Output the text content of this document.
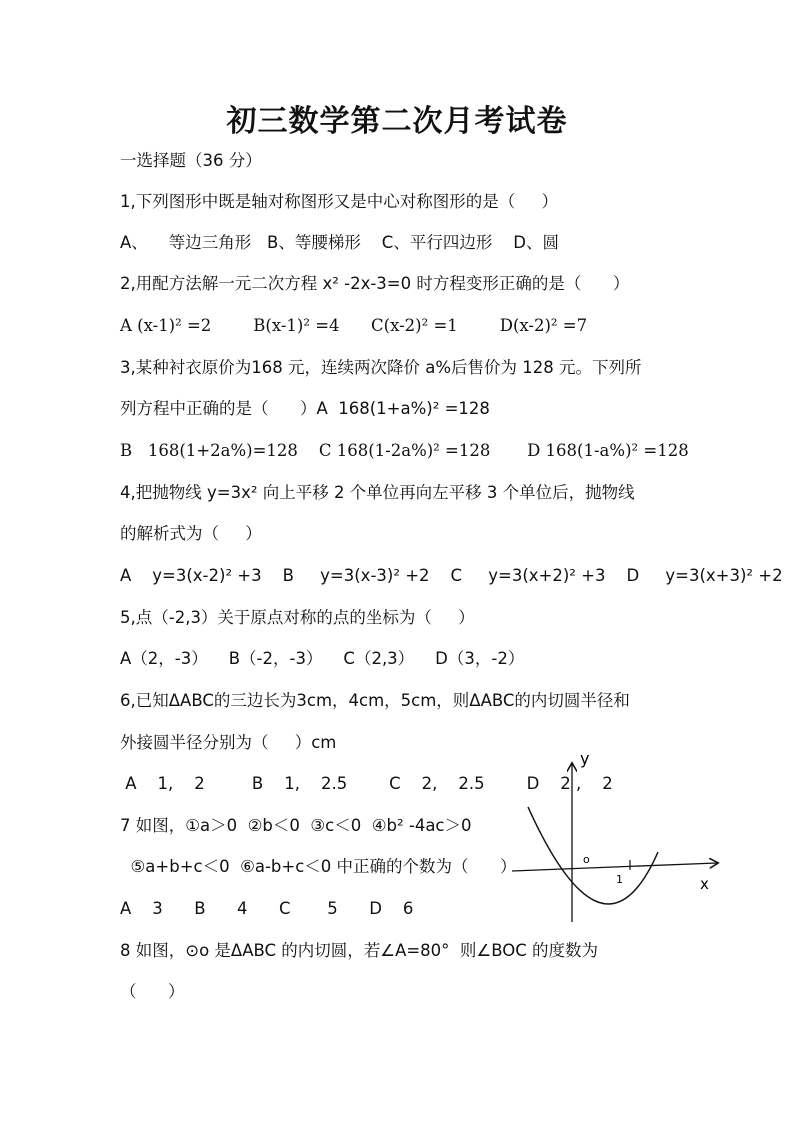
初三数学第二次月考试卷
一选择题（36 分）
1,下列图形中既是轴对称图形又是中心对称图形的是（     ）
A、    等边三角形   B、等腰梯形    C、平行四边形    D、圆
2,用配方法解一元二次方程 x² -2x-3=0 时方程变形正确的是（      ）
A (x-1)² =2        B(x-1)² =4      C(x-2)² =1        D(x-2)² =7
3,某种衬衣原价为168 元，连续两次降价 a%后售价为 128 元。下列所
列方程中正确的是（      ）A  168(1+a%)² =128
B   168(1+2a%)=128    C 168(1-2a%)² =128       D 168(1-a%)² =128
4,把抛物线 y=3x² 向上平移 2 个单位再向左平移 3 个单位后，抛物线
的解析式为（     ）
A    y=3(x-2)² +3    B     y=3(x-3)² +2    C     y=3(x+2)² +3    D     y=3(x+3)² +2
5,点（-2,3）关于原点对称的点的坐标为（     ）
A（2，-3）    B（-2，-3）    C（2,3）    D（3，-2）
6,已知ΔABC的三边长为3cm，4cm，5cm，则ΔABC的内切圆半径和
外接圆半径分别为（     ）cm
A    1,    2         B    1,    2.5        C    2,    2.5        D    2 ,    2
7 如图，①a＞0  ②b＜0  ③c＜0  ④b² -4ac＞0
⑤a+b+c＜0  ⑥a-b+c＜0 中正确的个数为（      ）
A    3      B      4      C       5      D    6
8 如图，⊙o 是ΔABC 的内切圆，若∠A=80°  则∠BOC 的度数为
（      ）
y
x
o
1
